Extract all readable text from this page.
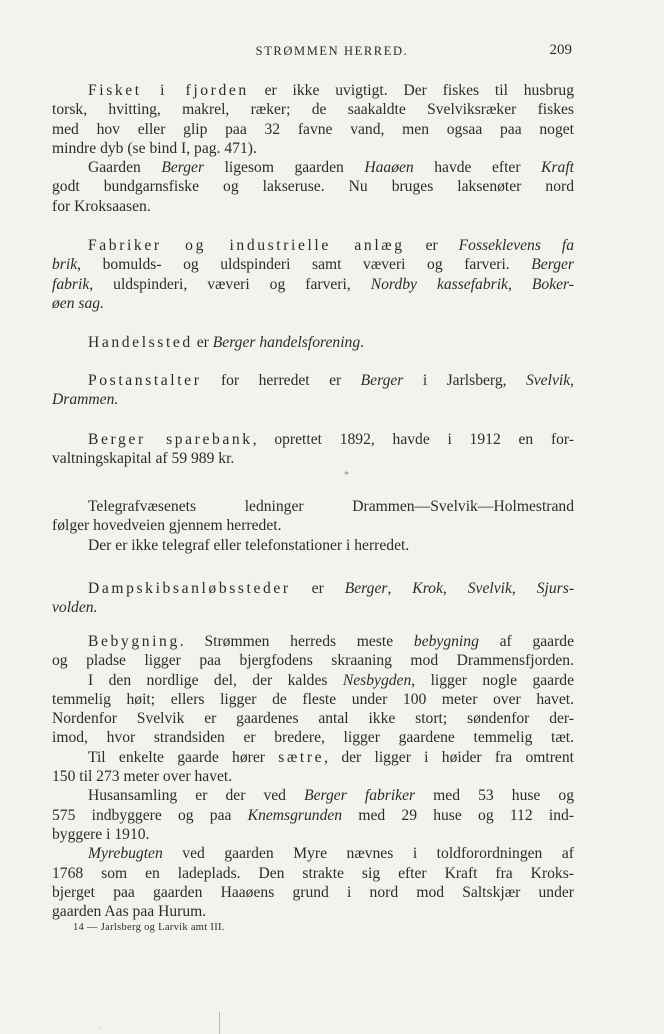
STRØMMEN HERRED.	209
Fisket i fjorden er ikke uvigtigt. Der fiskes til husbrug
torsk, hvitting, makrel, ræker; de saakaldte Svelviksræker fiskes
med hov eller glip paa 32 favne vand, men ogsaa paa noget
mindre dyb (se bind I, pag. 471).
Gaarden Berger ligesom gaarden Haaøen havde efter Kraft
godt bundgarnsfiske og lakseruse. Nu bruges laksenøter nord
for Kroksaasen.
Fabriker og industrielle anlæg er Fosseklevens fa
brik, bomulds- og uldspinderi samt væveri og farveri. Berger
fabrik, uldspinderi, væveri og farveri, Nordby kassefabrik, Boker-
øen sag.
Handelssted er Berger handelsforening.
Postanstalter for herredet er Berger i Jarlsberg, Svelvik,
Drammen.
Berger sparebank, oprettet 1892, havde i 1912 en for-
valtningskapital af 59 989 kr.
*
Telegrafvæsenets ledninger Drammen—Svelvik—Holmestrand
følger hovedveien gjennem herredet.
Der er ikke telegraf eller telefonstationer i herredet.
Dampskibsanløbssteder er Berger, Krok, Svelvik, Sjurs-
volden.
Bebygning. Strømmen herreds meste bebygning af gaarde
og pladse ligger paa bjergfodens skraaning mod Drammensfjorden.
I den nordlige del, der kaldes Nesbygden, ligger nogle gaarde
temmelig høit; ellers ligger de fleste under 100 meter over havet.
Nordenfor Svelvik er gaardenes antal ikke stort; søndenfor der-
imod, hvor strandsiden er bredere, ligger gaardene temmelig tæt.
Til enkelte gaarde hører sætre, der ligger i høider fra omtrent
150 til 273 meter over havet.
Husansamling er der ved Berger fabriker med 53 huse og
575 indbyggere og paa Knemsgrunden med 29 huse og 112 ind-
byggere i 1910.
Myrebugten ved gaarden Myre nævnes i toldforordningen af
1768 som en ladeplads. Den strakte sig efter Kraft fra Kroks-
bjerget paa gaarden Haaøens grund i nord mod Saltskjær under
gaarden Aas paa Hurum.
14 — Jarlsberg og Larvik amt III.
.
